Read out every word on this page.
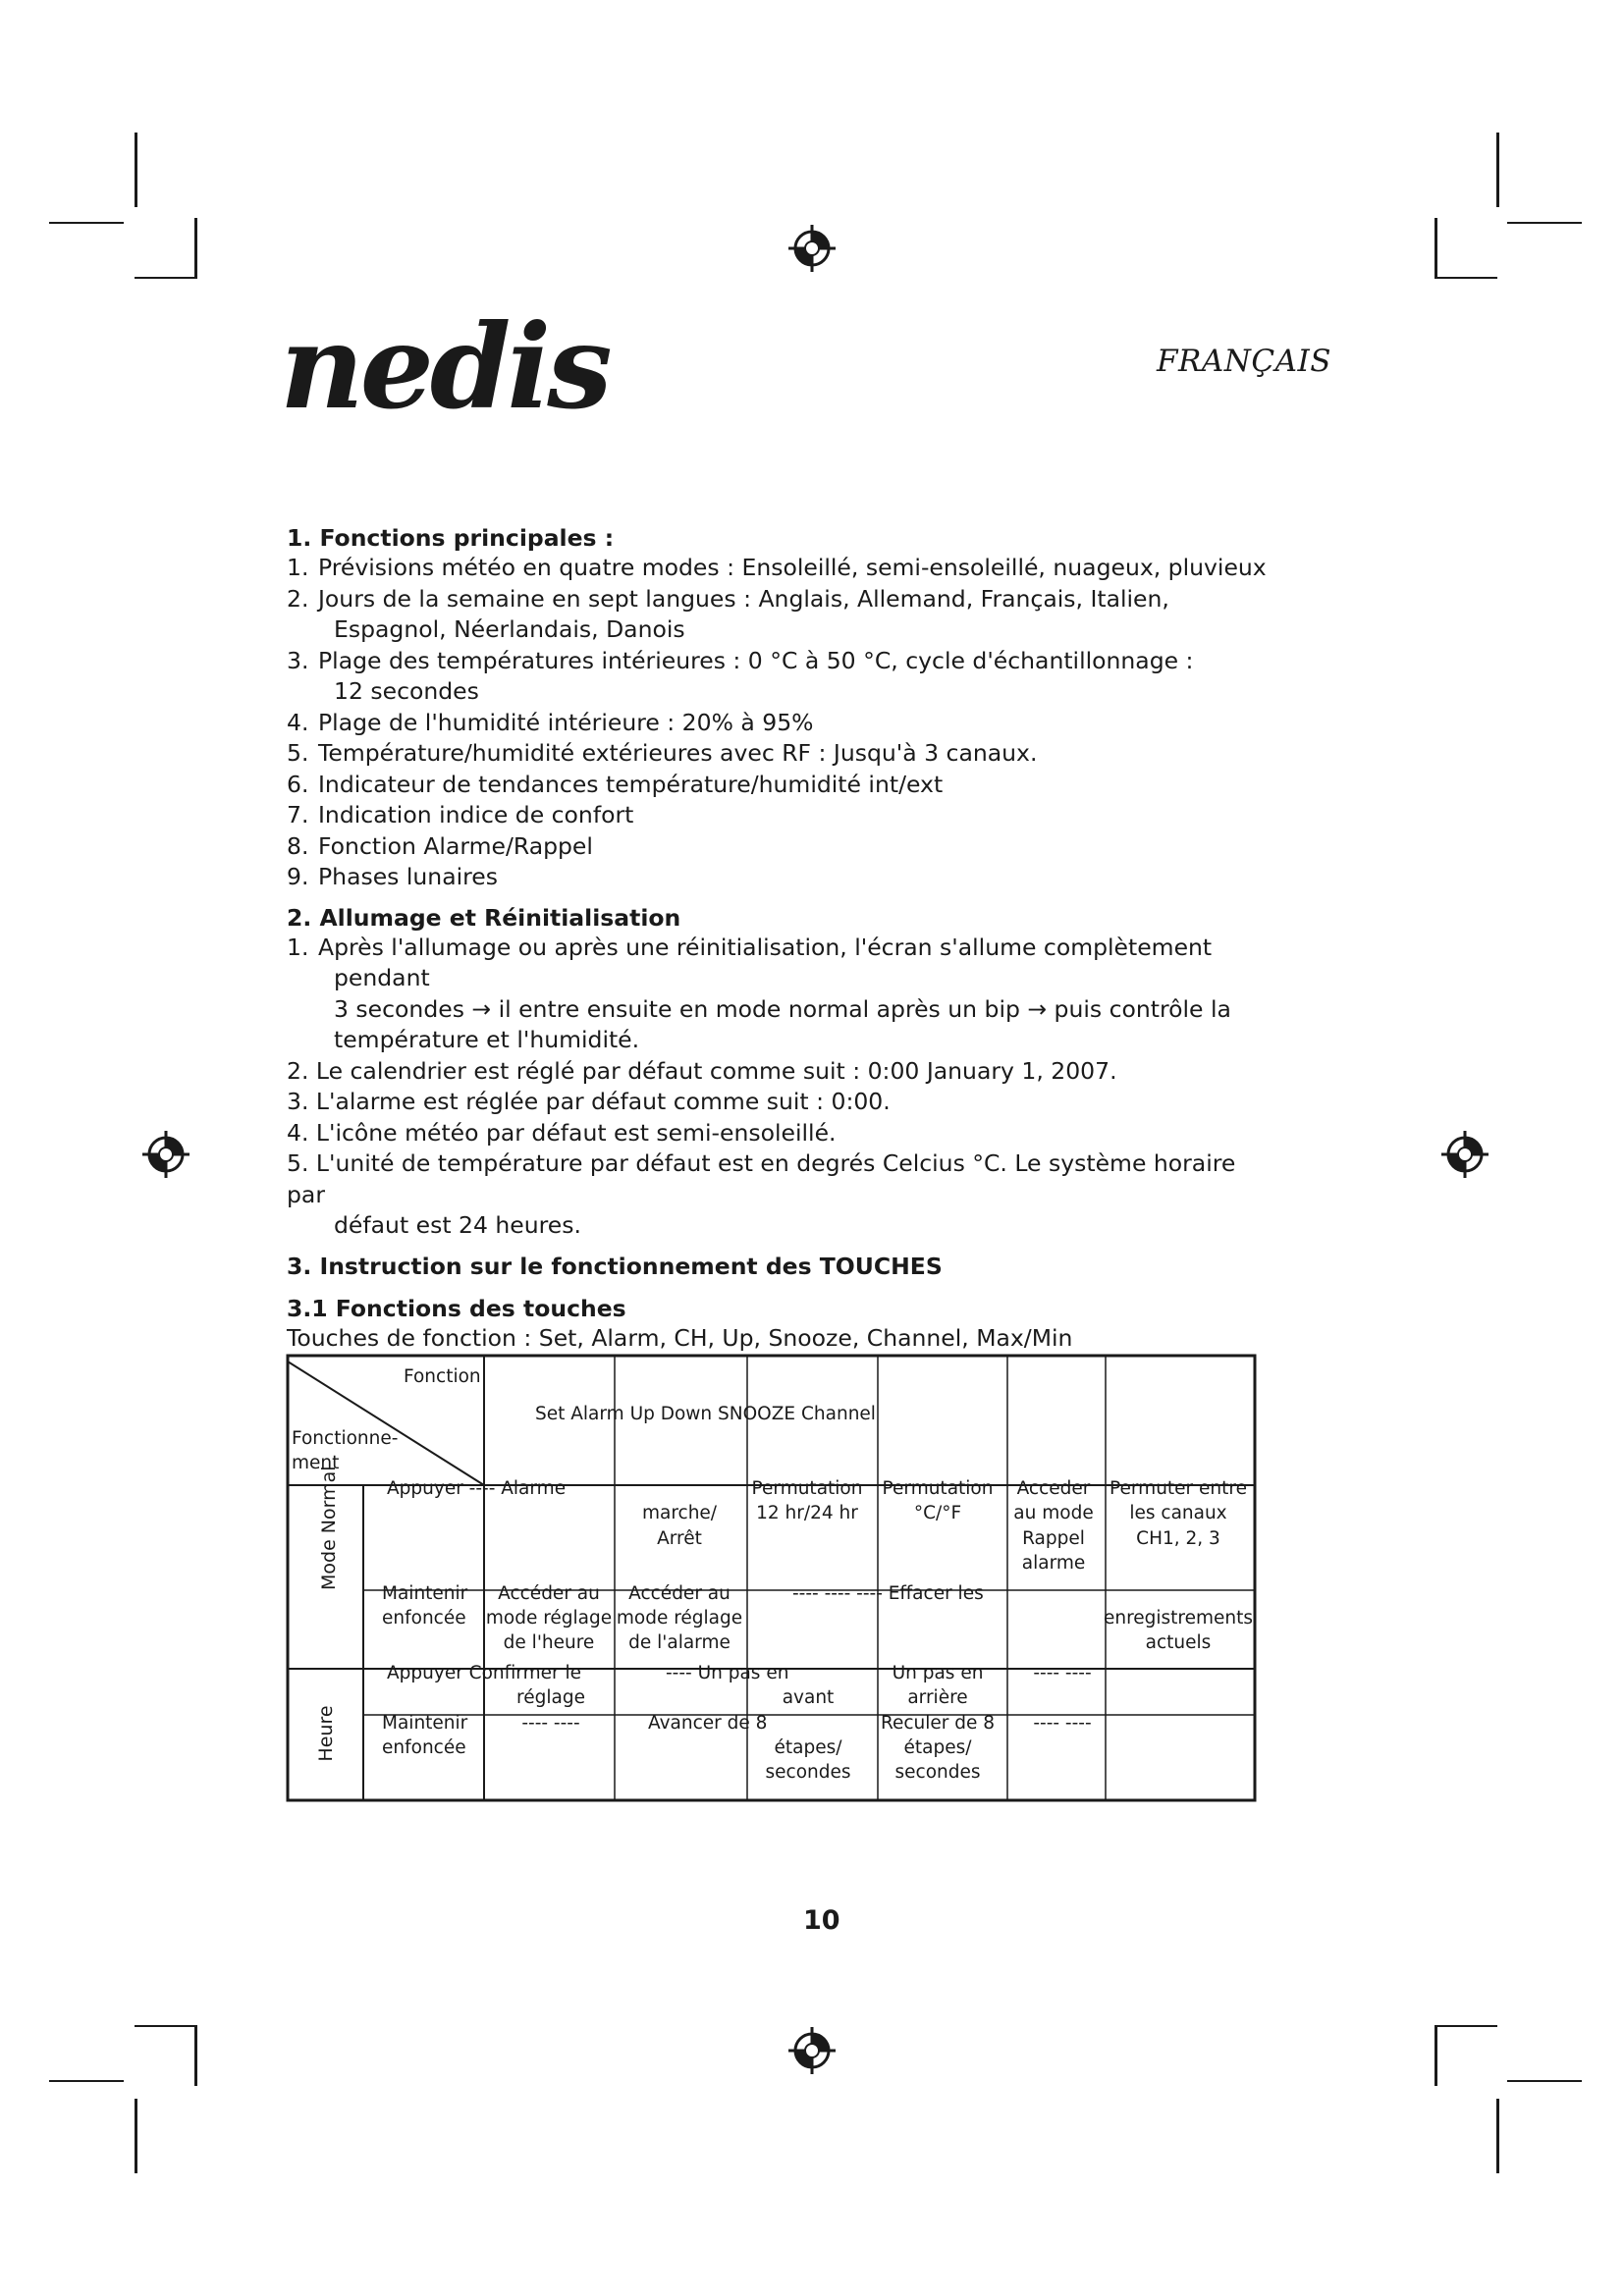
nedis	FRANÇAIS

1. Fonctions principales :

1. Prévisions météo en quatre modes : Ensoleillé, semi-ensoleillé, nuageux, pluvieux

2. Jours de la semaine en sept langues : Anglais, Allemand, Français, Italien,

Espagnol, Néerlandais, Danois

3. Plage des températures intérieures : 0 °C à 50 °C, cycle d'échantillonnage :

12 secondes

4. Plage de l'humidité intérieure : 20% à 95%

5. Température/humidité extérieures avec RF : Jusqu'à 3 canaux.

6. Indicateur de tendances température/humidité int/ext

7. Indication indice de confort

8. Fonction Alarme/Rappel

9. Phases lunaires

2. Allumage et Réinitialisation

1. Après l'allumage ou après une réinitialisation, l'écran s'allume complètement

pendant

3 secondes → il entre ensuite en mode normal après un bip → puis contrôle la

température et l'humidité.

2. Le calendrier est réglé par défaut comme suit : 0:00 January 1, 2007.

3. L'alarme est réglée par défaut comme suit : 0:00.

4. L'icône météo par défaut est semi-ensoleillé.

5. L'unité de température par défaut est en degrés Celcius °C. Le système horaire par

défaut est 24 heures.

3. Instruction sur le fonctionnement des TOUCHES

3.1 Fonctions des touches

Touches de fonction : Set, Alarm, CH, Up, Snooze, Channel, Max/Min

Fonction
Fonctionne-
ment
Set Alarm Up Down SNOOZE Channel
Mode Normal
Heure
Appuyer ---- Alarme
marche/
Arrêt
Permutation
12 hr/24 hr
Permutation
°C/°F
Acceder
au mode
Rappel
alarme
Permuter entre
les canaux
CH1, 2, 3
Maintenir
enfoncée
Accéder au
mode réglage
de l'heure
Accéder au
mode réglage
de l'alarme
---- ---- ---- Effacer les
enregistrements
actuels
Appuyer Confirmer le
réglage
---- Un pas en
avant
Un pas en
arrière
---- ----
Maintenir
enfoncée
---- ----	Avancer de 8
étapes/
secondes
Reculer de 8
étapes/
secondes
---- ----
10
